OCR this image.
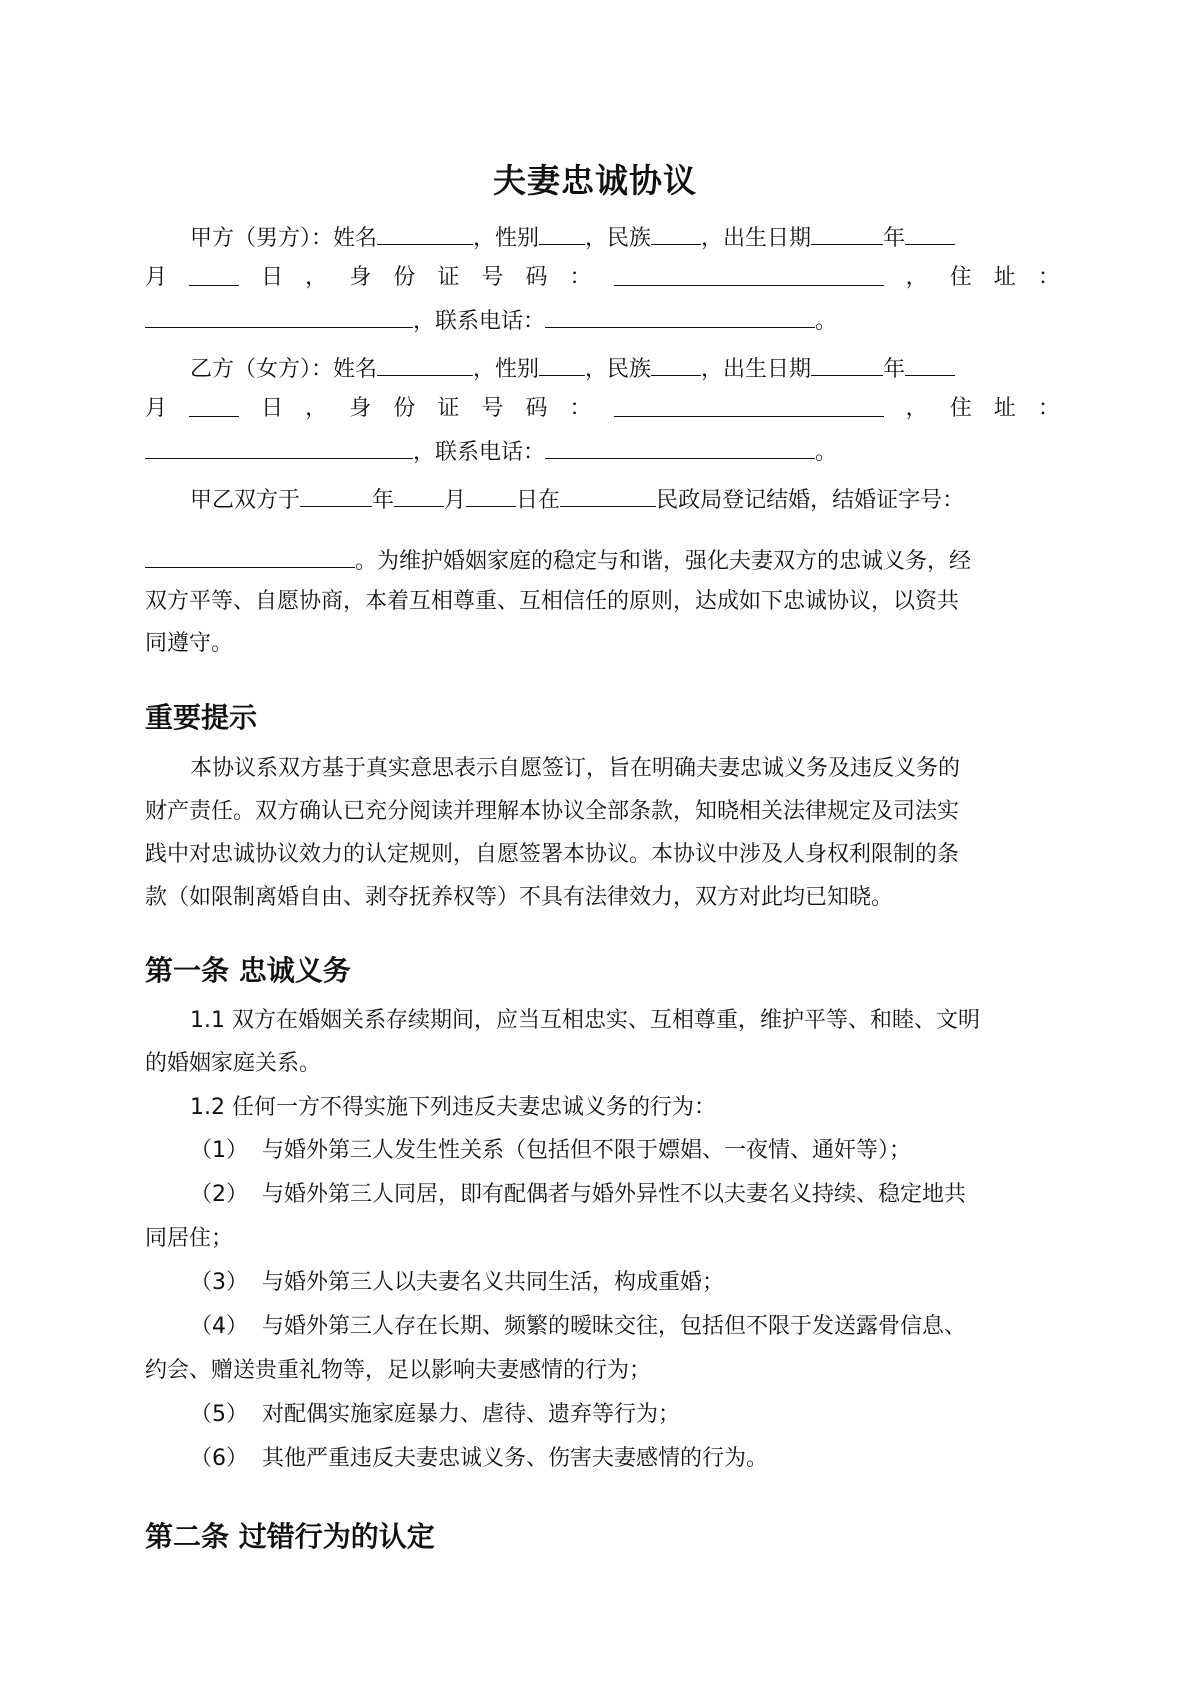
夫妻忠诚协议
甲方（男方）：姓名	，性别 ，民族 ，出生日期	年
月	日 ， 身 份 证 号 码 ：	， 住 址 ：
，联系电话：	。
乙方（女方）：姓名	，性别 ，民族 ，出生日期	年
月	日 ， 身 份 证 号 码 ：	， 住 址 ：
，联系电话：	。
甲乙双方于	年 月 日在	民政局登记结婚，结婚证字号：
。为维护婚姻家庭的稳定与和谐，强化夫妻双方的忠诚义务，经
双方平等、自愿协商，本着互相尊重、互相信任的原则，达成如下忠诚协议，以资共
同遵守。
重要提示
本协议系双方基于真实意思表示自愿签订，旨在明确夫妻忠诚义务及违反义务的
财产责任。双方确认已充分阅读并理解本协议全部条款，知晓相关法律规定及司法实
践中对忠诚协议效力的认定规则，自愿签署本协议。本协议中涉及人身权利限制的条
款（如限制离婚自由、剥夺抚养权等）不具有法律效力，双方对此均已知晓。
第一条 忠诚义务
1.1 双方在婚姻关系存续期间，应当互相忠实、互相尊重，维护平等、和睦、文明
的婚姻家庭关系。
1.2 任何一方不得实施下列违反夫妻忠诚义务的行为：
（1） 与婚外第三人发生性关系（包括但不限于嫖娼、一夜情、通奸等）；
（2） 与婚外第三人同居，即有配偶者与婚外异性不以夫妻名义持续、稳定地共
同居住；
（3） 与婚外第三人以夫妻名义共同生活，构成重婚；
（4） 与婚外第三人存在长期、频繁的暧昧交往，包括但不限于发送露骨信息、
约会、赠送贵重礼物等，足以影响夫妻感情的行为；
（5） 对配偶实施家庭暴力、虐待、遗弃等行为；
（6） 其他严重违反夫妻忠诚义务、伤害夫妻感情的行为。
第二条 过错行为的认定
